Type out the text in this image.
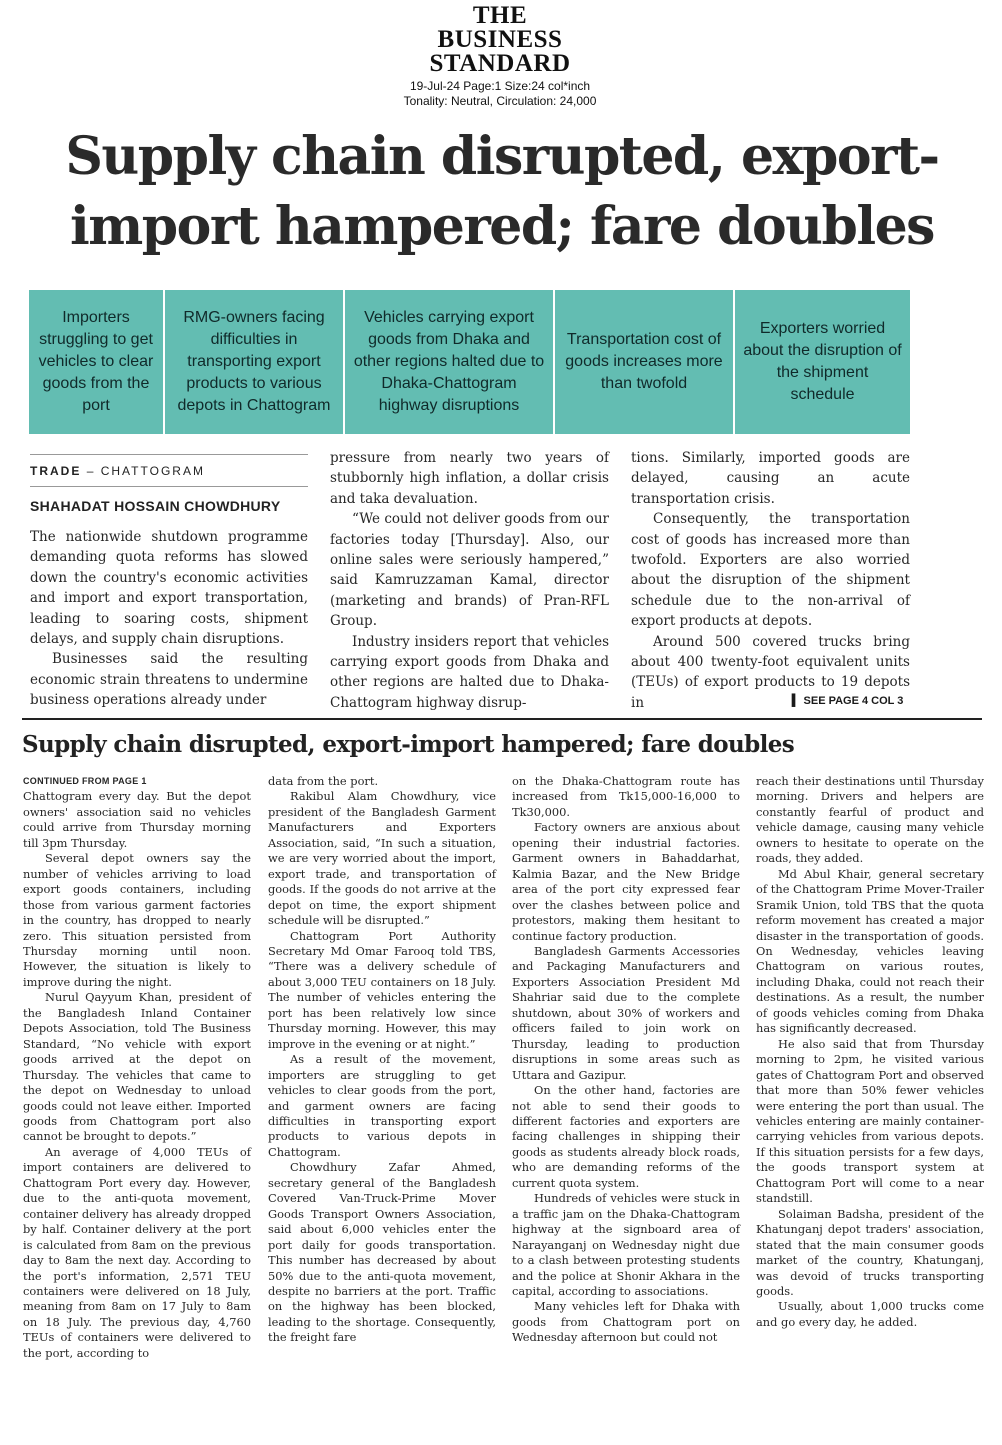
THE
BUSINESS
STANDARD
19-Jul-24 Page:1 Size:24 col*inch
Tonality: Neutral, Circulation: 24,000
Supply chain disrupted, export-import hampered; fare doubles
Importers struggling to get vehicles to clear goods from the port
RMG-owners facing difficulties in transporting export products to various depots in Chattogram
Vehicles carrying export goods from Dhaka and other regions halted due to Dhaka-Chattogram highway disruptions
Transportation cost of goods increases more than twofold
Exporters worried about the disruption of the shipment schedule
TRADE – CHATTOGRAM
SHAHADAT HOSSAIN CHOWDHURY

The nationwide shutdown programme demanding quota reforms has slowed down the country's economic activities and import and export transportation, leading to soaring costs, shipment delays, and supply chain disruptions.

Businesses said the resulting economic strain threatens to undermine business operations already under

pressure from nearly two years of stubbornly high inflation, a dollar crisis and taka devaluation.

“We could not deliver goods from our factories today [Thursday]. Also, our online sales were seriously hampered,” said Kamruzzaman Kamal, director (marketing and brands) of Pran-RFL Group.

Industry insiders report that vehicles carrying export goods from Dhaka and other regions are halted due to Dhaka-Chattogram highway disrup-

tions. Similarly, imported goods are delayed, causing an acute transportation crisis.

Consequently, the transportation cost of goods has increased more than twofold. Exporters are also worried about the disruption of the shipment schedule due to the non-arrival of export products at depots.

Around 500 covered trucks bring about 400 twenty-foot equivalent units (TEUs) of export products to 19 depots in	▍ SEE PAGE 4 COL 3
Supply chain disrupted, export-import hampered; fare doubles
CONTINUED FROM PAGE 1

Chattogram every day. But the depot owners' association said no vehicles could arrive from Thursday morning till 3pm Thursday.

Several depot owners say the number of vehicles arriving to load export goods containers, including those from various garment factories in the country, has dropped to nearly zero. This situation persisted from Thursday morning until noon. However, the situation is likely to improve during the night.

Nurul Qayyum Khan, president of the Bangladesh Inland Container Depots Association, told The Business Standard, “No vehicle with export goods arrived at the depot on Thursday. The vehicles that came to the depot on Wednesday to unload goods could not leave either. Imported goods from Chattogram port also cannot be brought to depots.”

An average of 4,000 TEUs of import containers are delivered to Chattogram Port every day. However, due to the anti-quota movement, container delivery has already dropped by half. Container delivery at the port is calculated from 8am on the previous day to 8am the next day. According to the port's information, 2,571 TEU containers were delivered on 18 July, meaning from 8am on 17 July to 8am on 18 July. The previous day, 4,760 TEUs of containers were delivered to the port, according to

data from the port.

Rakibul Alam Chowdhury, vice president of the Bangladesh Garment Manufacturers and Exporters Association, said, “In such a situation, we are very worried about the import, export trade, and transportation of goods. If the goods do not arrive at the depot on time, the export shipment schedule will be disrupted.”

Chattogram Port Authority Secretary Md Omar Farooq told TBS, “There was a delivery schedule of about 3,000 TEU containers on 18 July. The number of vehicles entering the port has been relatively low since Thursday morning. However, this may improve in the evening or at night.”

As a result of the movement, importers are struggling to get vehicles to clear goods from the port, and garment owners are facing difficulties in transporting export products to various depots in Chattogram.

Chowdhury Zafar Ahmed, secretary general of the Bangladesh Covered Van-Truck-Prime Mover Goods Transport Owners Association, said about 6,000 vehicles enter the port daily for goods transportation. This number has decreased by about 50% due to the anti-quota movement, despite no barriers at the port. Traffic on the highway has been blocked, leading to the shortage. Consequently, the freight fare

on the Dhaka-Chattogram route has increased from Tk15,000-16,000 to Tk30,000.

Factory owners are anxious about opening their industrial factories. Garment owners in Bahaddarhat, Kalmia Bazar, and the New Bridge area of the port city expressed fear over the clashes between police and protestors, making them hesitant to continue factory production.

Bangladesh Garments Accessories and Packaging Manufacturers and Exporters Association President Md Shahriar said due to the complete shutdown, about 30% of workers and officers failed to join work on Thursday, leading to production disruptions in some areas such as Uttara and Gazipur.

On the other hand, factories are not able to send their goods to different factories and exporters are facing challenges in shipping their goods as students already block roads, who are demanding reforms of the current quota system.

Hundreds of vehicles were stuck in a traffic jam on the Dhaka-Chattogram highway at the signboard area of Narayanganj on Wednesday night due to a clash between protesting students and the police at Shonir Akhara in the capital, according to associations.

Many vehicles left for Dhaka with goods from Chattogram port on Wednesday afternoon but could not

reach their destinations until Thursday morning. Drivers and helpers are constantly fearful of product and vehicle damage, causing many vehicle owners to hesitate to operate on the roads, they added.

Md Abul Khair, general secretary of the Chattogram Prime Mover-Trailer Sramik Union, told TBS that the quota reform movement has created a major disaster in the transportation of goods. On Wednesday, vehicles leaving Chattogram on various routes, including Dhaka, could not reach their destinations. As a result, the number of goods vehicles coming from Dhaka has significantly decreased.

He also said that from Thursday morning to 2pm, he visited various gates of Chattogram Port and observed that more than 50% fewer vehicles were entering the port than usual. The vehicles entering are mainly container-carrying vehicles from various depots. If this situation persists for a few days, the goods transport system at Chattogram Port will come to a near standstill.

Solaiman Badsha, president of the Khatunganj depot traders' association, stated that the main consumer goods market of the country, Khatunganj, was devoid of trucks transporting goods.

Usually, about 1,000 trucks come and go every day, he added.
